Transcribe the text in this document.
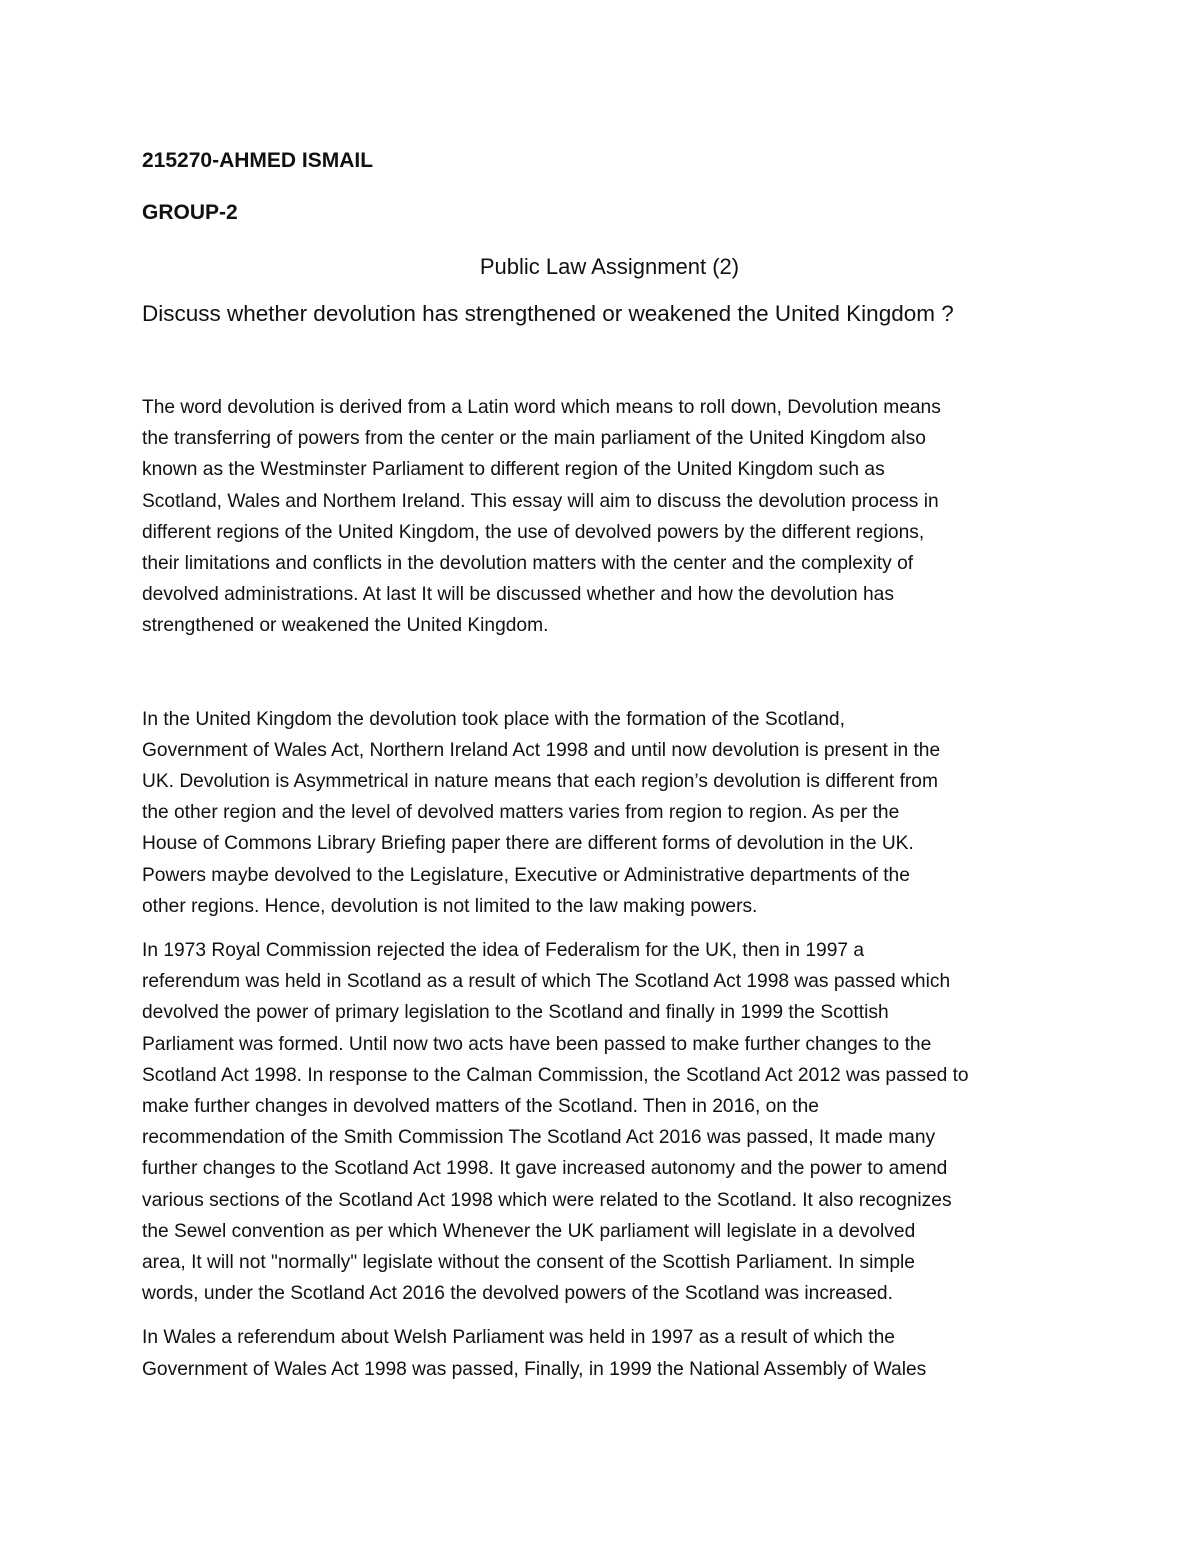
215270-AHMED ISMAIL

GROUP-2

Public Law Assignment (2)

Discuss whether devolution has strengthened or weakened the United Kingdom ?

The word devolution is derived from a Latin word which means to roll down, Devolution means
the transferring of powers from the center or the main parliament of the United Kingdom also
known as the Westminster Parliament to different region of the United Kingdom such as
Scotland, Wales and Northem Ireland. This essay will aim to discuss the devolution process in
different regions of the United Kingdom, the use of devolved powers by the different regions,
their limitations and conflicts in the devolution matters with the center and the complexity of
devolved administrations. At last It will be discussed whether and how the devolution has
strengthened or weakened the United Kingdom.

In the United Kingdom the devolution took place with the formation of the Scotland,
Government of Wales Act, Northern Ireland Act 1998 and until now devolution is present in the
UK. Devolution is Asymmetrical in nature means that each region’s devolution is different from
the other region and the level of devolved matters varies from region to region. As per the
House of Commons Library Briefing paper there are different forms of devolution in the UK.
Powers maybe devolved to the Legislature, Executive or Administrative departments of the
other regions. Hence, devolution is not limited to the law making powers.

In 1973 Royal Commission rejected the idea of Federalism for the UK, then in 1997 a
referendum was held in Scotland as a result of which The Scotland Act 1998 was passed which
devolved the power of primary legislation to the Scotland and finally in 1999 the Scottish
Parliament was formed. Until now two acts have been passed to make further changes to the
Scotland Act 1998. In response to the Calman Commission, the Scotland Act 2012 was passed to
make further changes in devolved matters of the Scotland. Then in 2016, on the
recommendation of the Smith Commission The Scotland Act 2016 was passed, It made many
further changes to the Scotland Act 1998. It gave increased autonomy and the power to amend
various sections of the Scotland Act 1998 which were related to the Scotland. It also recognizes
the Sewel convention as per which Whenever the UK parliament will legislate in a devolved
area, It will not "normally" legislate without the consent of the Scottish Parliament. In simple
words, under the Scotland Act 2016 the devolved powers of the Scotland was increased.

In Wales a referendum about Welsh Parliament was held in 1997 as a result of which the
Government of Wales Act 1998 was passed, Finally, in 1999 the National Assembly of Wales
